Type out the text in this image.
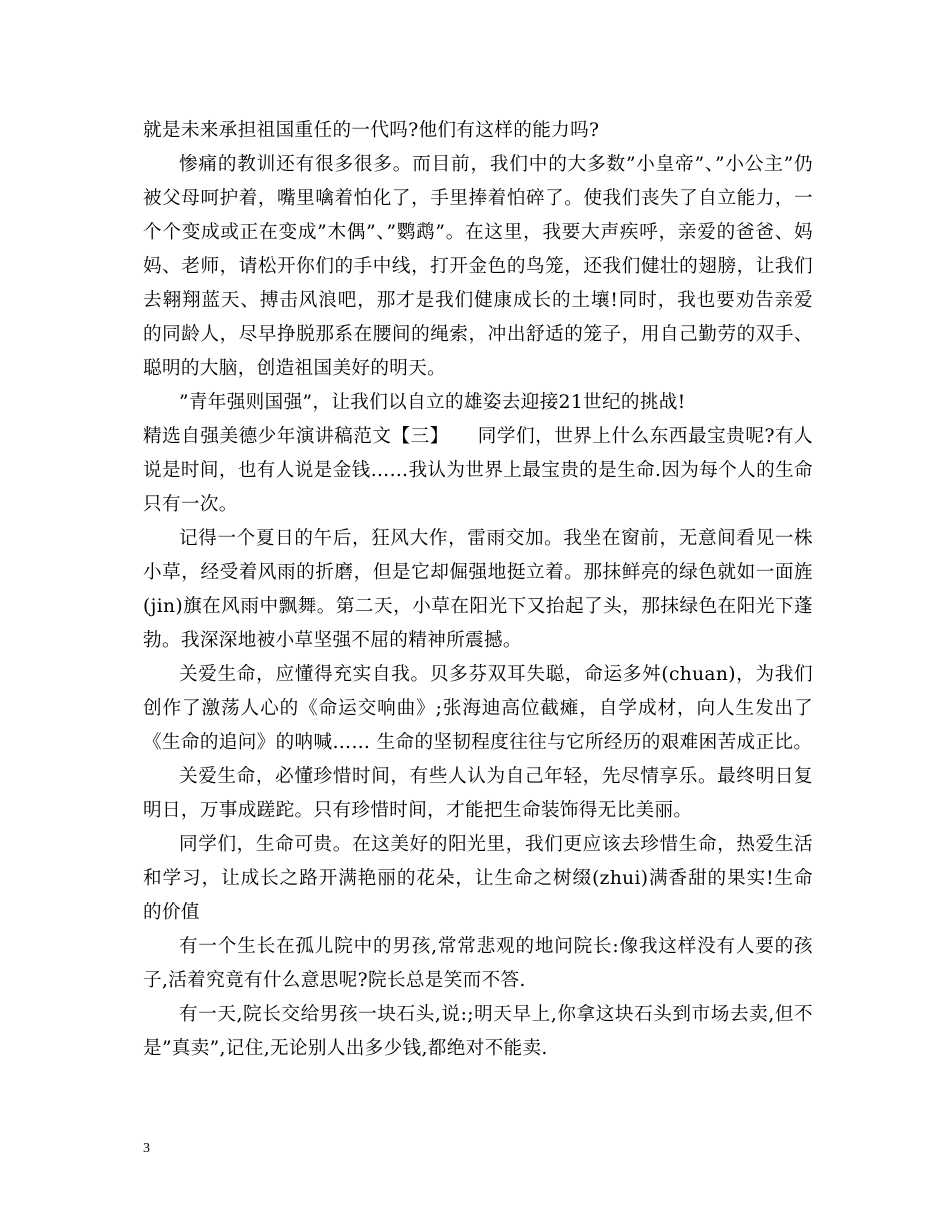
就是未来承担祖国重任的一代吗?他们有这样的能力吗?

惨痛的教训还有很多很多。而目前，我们中的大多数”小皇帝”、”小公主”仍被父母呵护着，嘴里噙着怕化了，手里捧着怕碎了。使我们丧失了自立能力，一个个变成或正在变成”木偶”、”鹦鹉”。在这里，我要大声疾呼，亲爱的爸爸、妈妈、老师，请松开你们的手中线，打开金色的鸟笼，还我们健壮的翅膀，让我们去翱翔蓝天、搏击风浪吧，那才是我们健康成长的土壤!同时，我也要劝告亲爱的同龄人，尽早挣脱那系在腰间的绳索，冲出舒适的笼子，用自己勤劳的双手、聪明的大脑，创造祖国美好的明天。

”青年强则国强”，让我们以自立的雄姿去迎接21世纪的挑战!

精选自强美德少年演讲稿范文【三】　　同学们，世界上什么东西最宝贵呢?有人说是时间，也有人说是金钱……我认为世界上最宝贵的是生命.因为每个人的生命只有一次。

记得一个夏日的午后，狂风大作，雷雨交加。我坐在窗前，无意间看见一株小草，经受着风雨的折磨，但是它却倔强地挺立着。那抹鲜亮的绿色就如一面旌(jin)旗在风雨中飘舞。第二天，小草在阳光下又抬起了头，那抹绿色在阳光下蓬勃。我深深地被小草坚强不屈的精神所震撼。

关爱生命，应懂得充实自我。贝多芬双耳失聪，命运多舛(chuan)，为我们创作了激荡人心的《命运交响曲》;张海迪高位截瘫，自学成材，向人生发出了《生命的追问》的呐喊…… 生命的坚韧程度往往与它所经历的艰难困苦成正比。

关爱生命，必懂珍惜时间，有些人认为自己年轻，先尽情享乐。最终明日复明日，万事成蹉跎。只有珍惜时间，才能把生命装饰得无比美丽。

同学们，生命可贵。在这美好的阳光里，我们更应该去珍惜生命，热爱生活和学习，让成长之路开满艳丽的花朵，让生命之树缀(zhui)满香甜的果实!生命的价值

有一个生长在孤儿院中的男孩,常常悲观的地问院长:像我这样没有人要的孩子,活着究竟有什么意思呢?院长总是笑而不答.

有一天,院长交给男孩一块石头,说:;明天早上,你拿这块石头到市场去卖,但不是”真卖”,记住,无论别人出多少钱,都绝对不能卖.

3
